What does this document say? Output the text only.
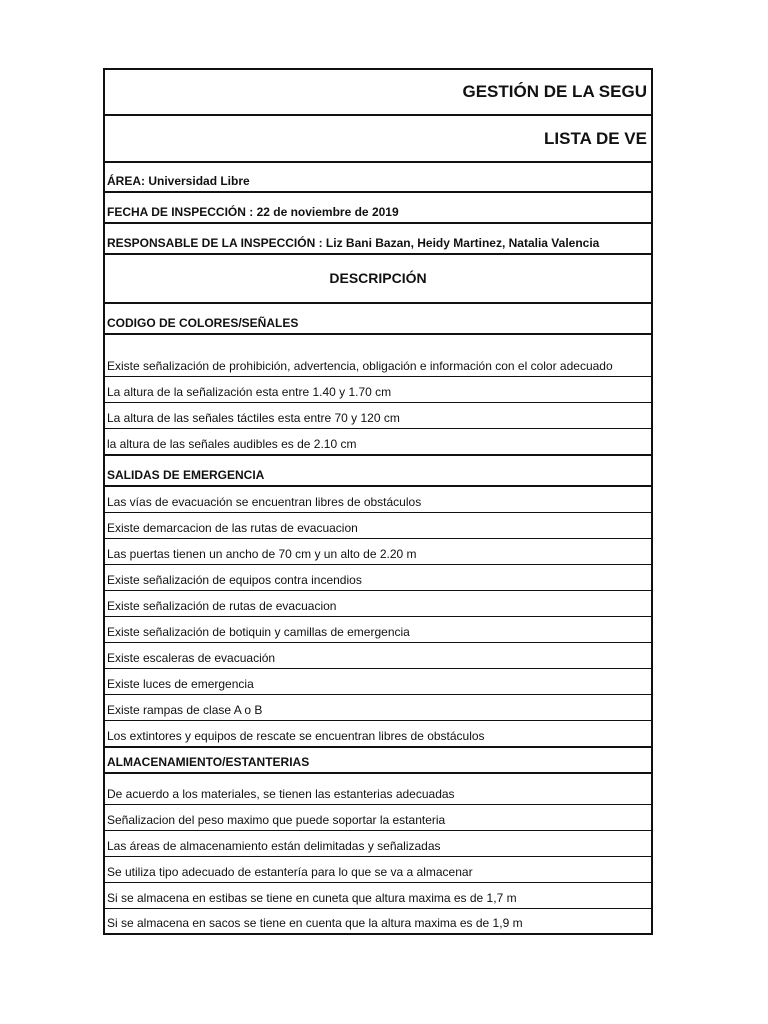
GESTIÓN DE LA SEGU
LISTA DE VE
ÁREA: Universidad Libre
FECHA DE INSPECCIÓN : 22 de noviembre de 2019
RESPONSABLE DE LA INSPECCIÓN : Liz Bani Bazan, Heidy Martinez, Natalia Valencia
DESCRIPCIÓN
CODIGO DE COLORES/SEÑALES
Existe señalización de prohibición, advertencia, obligación e información con el color adecuado
La altura de la señalización esta entre 1.40 y 1.70 cm
La altura de las señales táctiles esta entre 70 y 120 cm
la altura de las señales audibles es de 2.10 cm
SALIDAS DE EMERGENCIA
Las vías de evacuación se encuentran libres de obstáculos
Existe demarcacion de las rutas de evacuacion
Las puertas tienen un ancho de 70 cm y un alto de 2.20 m
Existe señalización de equipos contra incendios
Existe señalización de rutas de evacuacion
Existe señalización de botiquin y camillas de emergencia
Existe escaleras de evacuación
Existe luces de emergencia
Existe rampas de clase A o B
Los extintores y equipos de rescate se encuentran libres de obstáculos
ALMACENAMIENTO/ESTANTERIAS
De acuerdo a los materiales, se tienen las estanterias adecuadas
Señalizacion del peso maximo que puede soportar la estanteria
Las áreas de almacenamiento están delimitadas y señalizadas
Se utiliza tipo adecuado de estantería para lo que se va a almacenar
Si se almacena en estibas se tiene en cuneta que altura maxima es de 1,7 m
Si se almacena en sacos se tiene en cuenta que la altura maxima es de 1,9 m
